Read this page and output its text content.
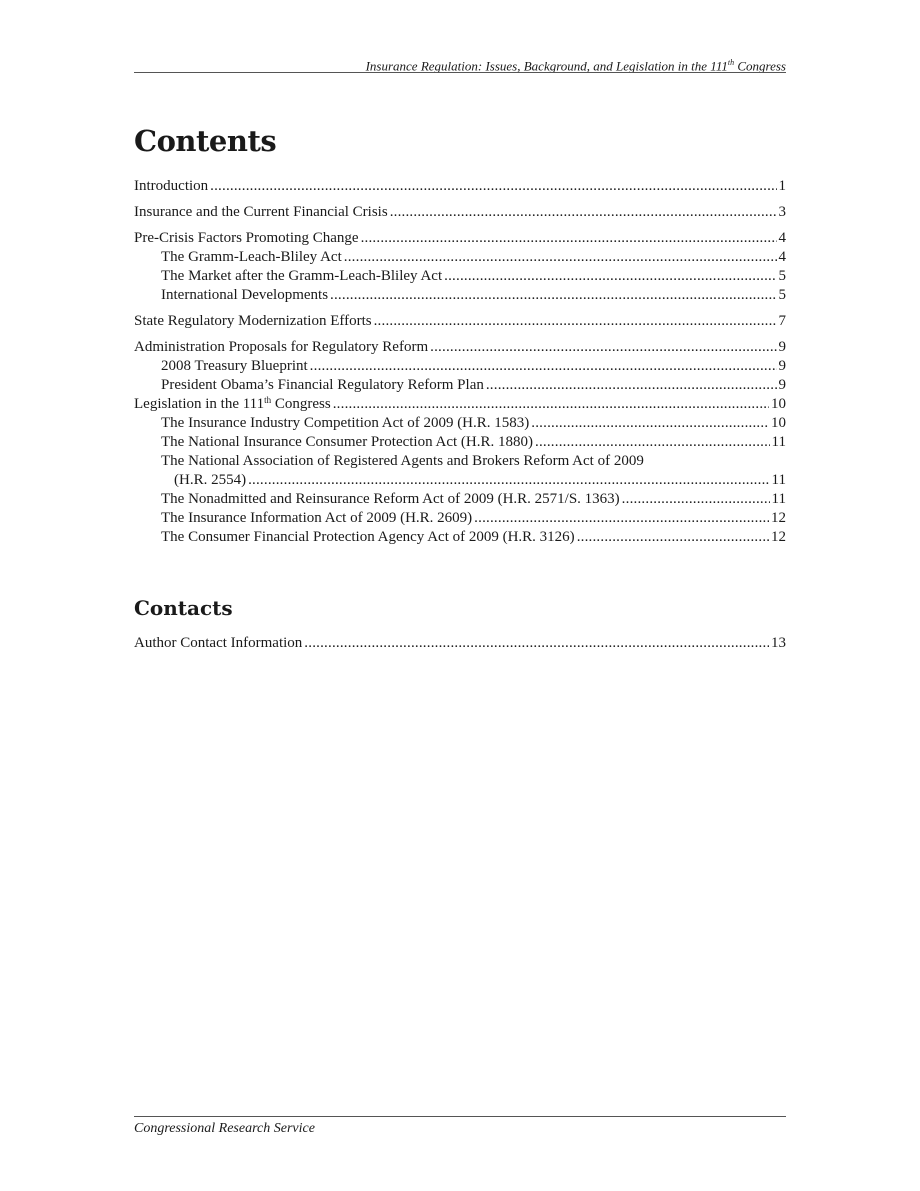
Insurance Regulation: Issues, Background, and Legislation in the 111th Congress
Contents
Introduction .....	1
Insurance and the Current Financial Crisis .....	3
Pre-Crisis Factors Promoting Change .....	4
The Gramm-Leach-Bliley Act .....	4
The Market after the Gramm-Leach-Bliley Act .....	5
International Developments .....	5
State Regulatory Modernization Efforts .....	7
Administration Proposals for Regulatory Reform .....	9
2008 Treasury Blueprint .....	9
President Obama’s Financial Regulatory Reform Plan .....	9
Legislation in the 111th Congress .....	10
The Insurance Industry Competition Act of 2009 (H.R. 1583) .....	10
The National Insurance Consumer Protection Act (H.R. 1880) .....	11
The National Association of Registered Agents and Brokers Reform Act of 2009
(H.R. 2554) .....	11
The Nonadmitted and Reinsurance Reform Act of 2009 (H.R. 2571/S. 1363) .....	11
The Insurance Information Act of 2009 (H.R. 2609) .....	12
The Consumer Financial Protection Agency Act of 2009 (H.R. 3126) .....	12
Contacts
Author Contact Information .....	13
Congressional Research Service
